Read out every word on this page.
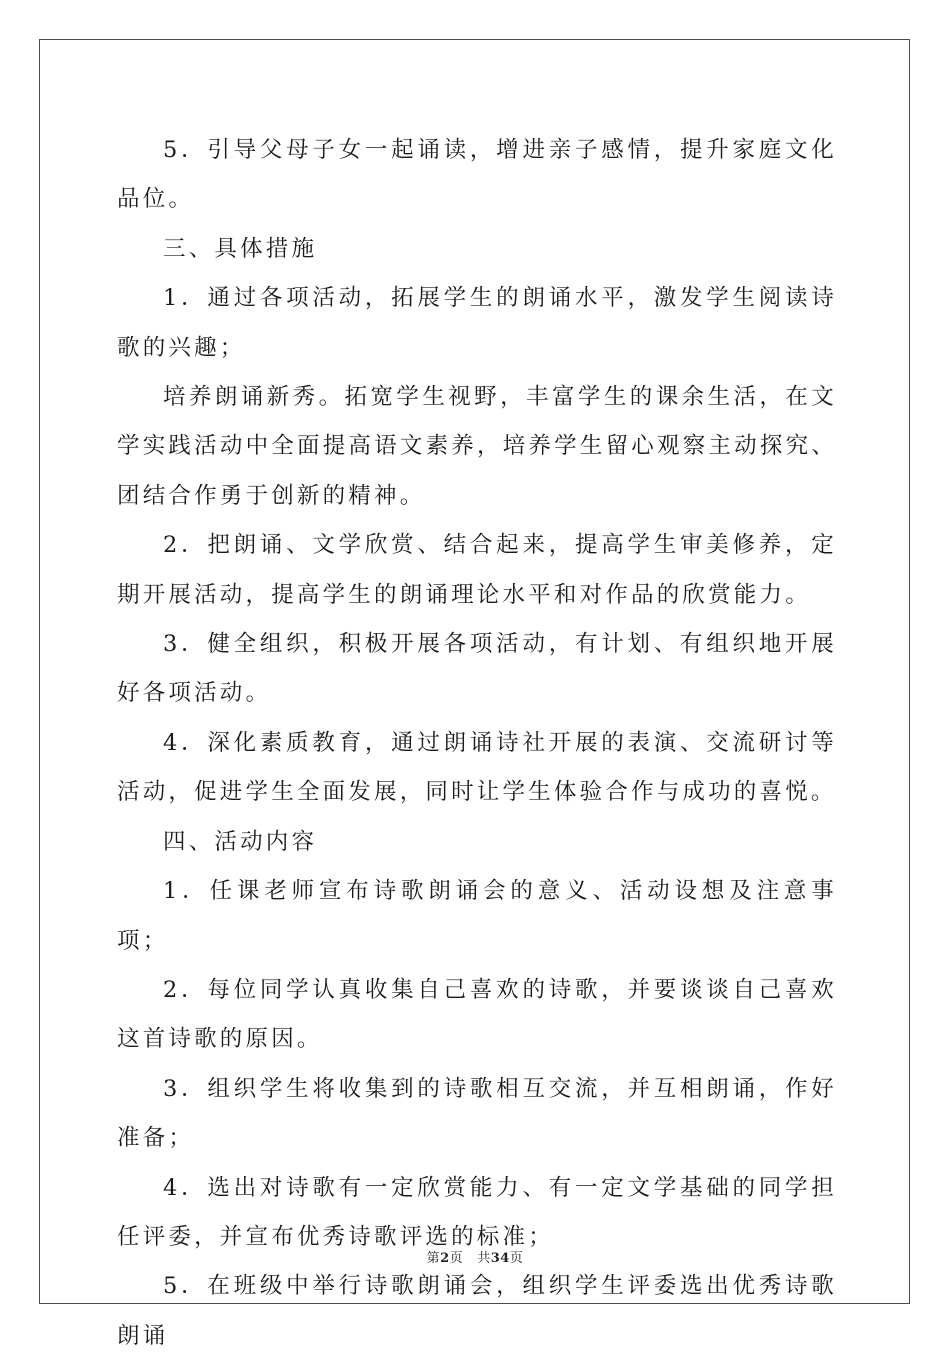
5．引导父母子女一起诵读，增进亲子感情，提升家庭文化品位。

三、具体措施

1．通过各项活动，拓展学生的朗诵水平，激发学生阅读诗歌的兴趣；

培养朗诵新秀。拓宽学生视野，丰富学生的课余生活，在文学实践活动中全面提高语文素养，培养学生留心观察主动探究、团结合作勇于创新的精神。

2．把朗诵、文学欣赏、结合起来，提高学生审美修养，定期开展活动，提高学生的朗诵理论水平和对作品的欣赏能力。

3．健全组织，积极开展各项活动，有计划、有组织地开展好各项活动。

4．深化素质教育，通过朗诵诗社开展的表演、交流研讨等活动，促进学生全面发展，同时让学生体验合作与成功的喜悦。

四、活动内容

1．任课老师宣布诗歌朗诵会的意义、活动设想及注意事项；

2．每位同学认真收集自己喜欢的诗歌，并要谈谈自己喜欢这首诗歌的原因。

3．组织学生将收集到的诗歌相互交流，并互相朗诵，作好准备；

4．选出对诗歌有一定欣赏能力、有一定文学基础的同学担任评委，并宣布优秀诗歌评选的标准；

5．在班级中举行诗歌朗诵会，组织学生评委选出优秀诗歌朗诵

第2页 共34页
